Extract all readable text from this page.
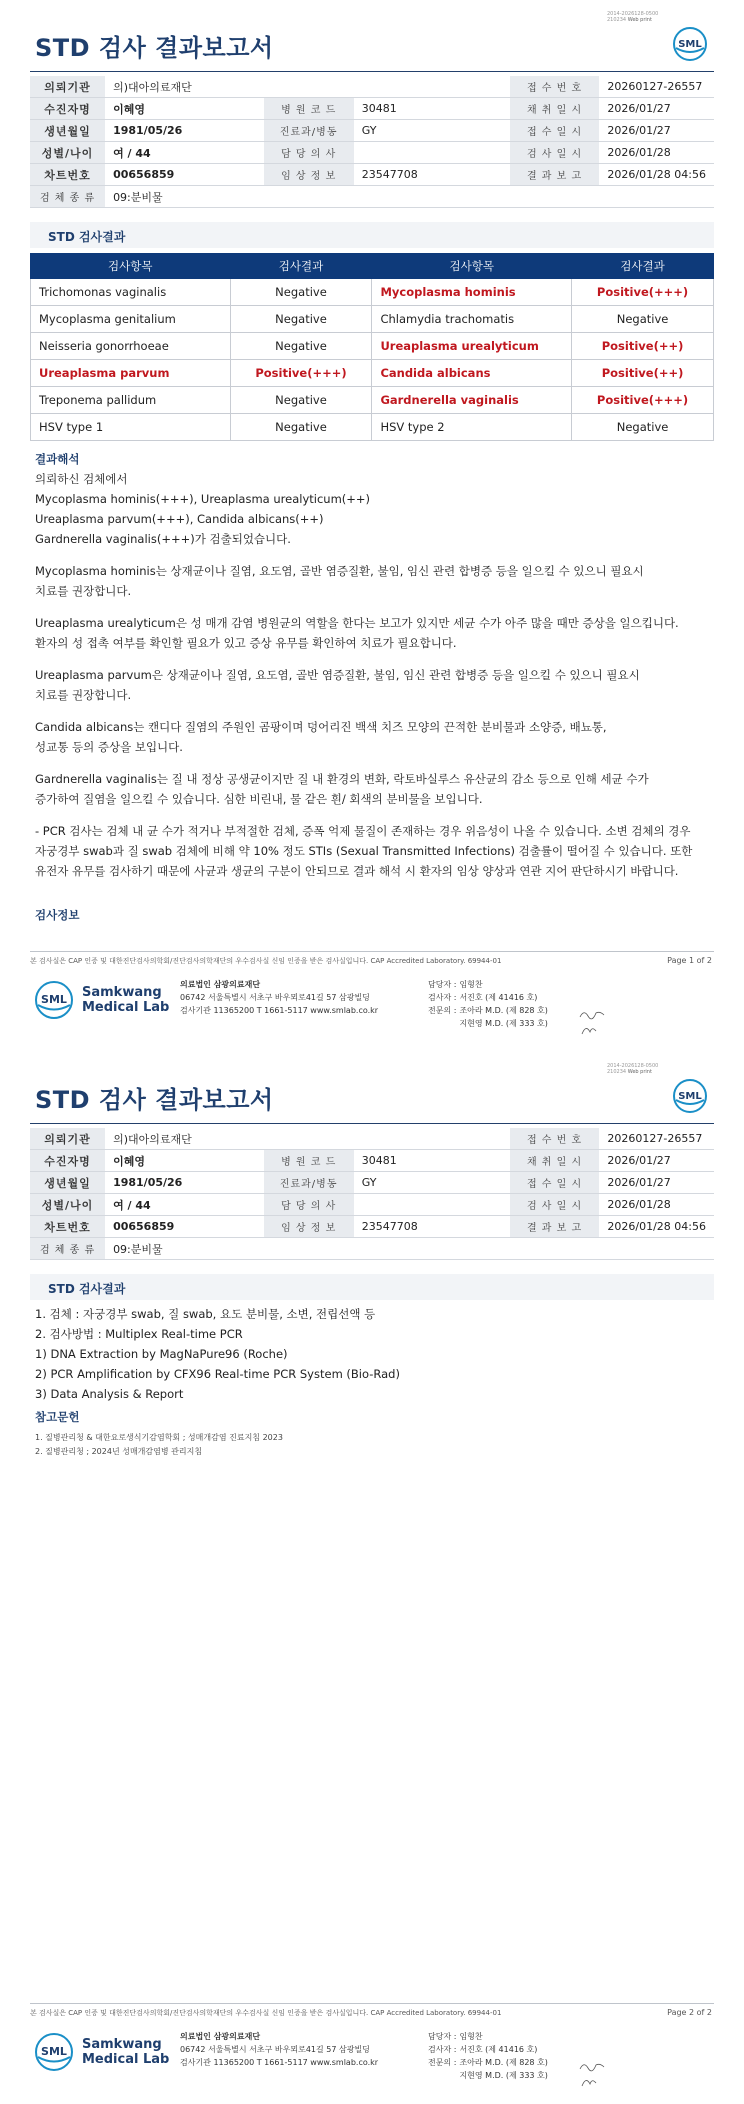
2014-2026128-0500
210234 Web print
STD 검사 결과보고서	SML
의뢰기관	의)대아의료재단			접 수 번 호	20260127-26557
수진자명	이혜영	병 원 코 드	30481	채 취 일 시	2026/01/27
생년월일	1981/05/26	진료과/병동	GY	접 수 일 시	2026/01/27
성별/나이	여 / 44	담 당 의 사		검 사 일 시	2026/01/28
차트번호	00656859	임 상 정 보	23547708	결 과 보 고	2026/01/28 04:56
검 체 종 류	09:분비물				
STD 검사결과
검사항목	검사결과	검사항목	검사결과
Trichomonas vaginalis	Negative	Mycoplasma hominis	Positive(+++)
Mycoplasma genitalium	Negative	Chlamydia trachomatis	Negative
Neisseria gonorrhoeae	Negative	Ureaplasma urealyticum	Positive(++)
Ureaplasma parvum	Positive(+++)	Candida albicans	Positive(++)
Treponema pallidum	Negative	Gardnerella vaginalis	Positive(+++)
HSV type 1	Negative	HSV type 2	Negative
결과해석
의뢰하신 검체에서
Mycoplasma hominis(+++), Ureaplasma urealyticum(++)
Ureaplasma parvum(+++), Candida albicans(++)
Gardnerella vaginalis(+++)가 검출되었습니다.
Mycoplasma hominis는 상재균이나 질염, 요도염, 골반 염증질환, 불임, 임신 관련 합병증 등을 일으킬 수 있으니 필요시
치료를 권장합니다.
Ureaplasma urealyticum은 성 매개 감염 병원균의 역할을 한다는 보고가 있지만 세균 수가 아주 많을 때만 증상을 일으킵니다.
환자의 성 접촉 여부를 확인할 필요가 있고 증상 유무를 확인하여 치료가 필요합니다.
Ureaplasma parvum은 상재균이나 질염, 요도염, 골반 염증질환, 불임, 임신 관련 합병증 등을 일으킬 수 있으니 필요시
치료를 권장합니다.
Candida albicans는 캔디다 질염의 주원인 곰팡이며 덩어리진 백색 치즈 모양의 끈적한 분비물과 소양증, 배뇨통,
성교통 등의 증상을 보입니다.
Gardnerella vaginalis는 질 내 정상 공생균이지만 질 내 환경의 변화, 락토바실루스 유산균의 감소 등으로 인해 세균 수가
증가하여 질염을 일으킬 수 있습니다. 심한 비린내, 물 같은 흰/ 회색의 분비물을 보입니다.
- PCR 검사는 검체 내 균 수가 적거나 부적절한 검체, 증폭 억제 물질이 존재하는 경우 위음성이 나올 수 있습니다. 소변 검체의 경우
자궁경부 swab과 질 swab 검체에 비해 약 10% 정도 STIs (Sexual Transmitted Infections) 검출률이 떨어질 수 있습니다. 또한
유전자 유무를 검사하기 때문에 사균과 생균의 구분이 안되므로 결과 해석 시 환자의 임상 양상과 연관 지어 판단하시기 바랍니다.
검사정보
본 검사실은 CAP 인증 및 대한진단검사의학회/진단검사의학재단의 우수검사실 신임 인증을 받은 검사실입니다. CAP Accredited Laboratory. 69944-01	Page 1 of 2
SML Samkwang
Medical Lab
의료법인 삼광의료재단
06742 서울특별시 서초구 바우뫼로41길 57 삼광빌딩
검사기관 11365200 T 1661-5117 www.smlab.co.kr
담당자 :	임형찬
검사자 :	서진호 (제 41416 호)
전문의 :	조아라 M.D. (제 828 호)
	지현영 M.D. (제 333 호)
2014-2026128-0500
210234 Web print
STD 검사 결과보고서	SML
의뢰기관	의)대아의료재단			접 수 번 호	20260127-26557
수진자명	이혜영	병 원 코 드	30481	채 취 일 시	2026/01/27
생년월일	1981/05/26	진료과/병동	GY	접 수 일 시	2026/01/27
성별/나이	여 / 44	담 당 의 사		검 사 일 시	2026/01/28
차트번호	00656859	임 상 정 보	23547708	결 과 보 고	2026/01/28 04:56
검 체 종 류	09:분비물				
STD 검사결과
1. 검체 : 자궁경부 swab, 질 swab, 요도 분비물, 소변, 전립선액 등
2. 검사방법 : Multiplex Real-time PCR
1) DNA Extraction by MagNaPure96 (Roche)
2) PCR Amplification by CFX96 Real-time PCR System (Bio-Rad)
3) Data Analysis & Report
참고문헌
1. 질병관리청 & 대한요로생식기감염학회 ; 성매개감염 진료지침 2023
2. 질병관리청 ; 2024년 성매개감염병 관리지침
본 검사실은 CAP 인증 및 대한진단검사의학회/진단검사의학재단의 우수검사실 신임 인증을 받은 검사실입니다. CAP Accredited Laboratory. 69944-01	Page 2 of 2
SML Samkwang
Medical Lab
의료법인 삼광의료재단
06742 서울특별시 서초구 바우뫼로41길 57 삼광빌딩
검사기관 11365200 T 1661-5117 www.smlab.co.kr
담당자 :	임형찬
검사자 :	서진호 (제 41416 호)
전문의 :	조아라 M.D. (제 828 호)
	지현영 M.D. (제 333 호)
